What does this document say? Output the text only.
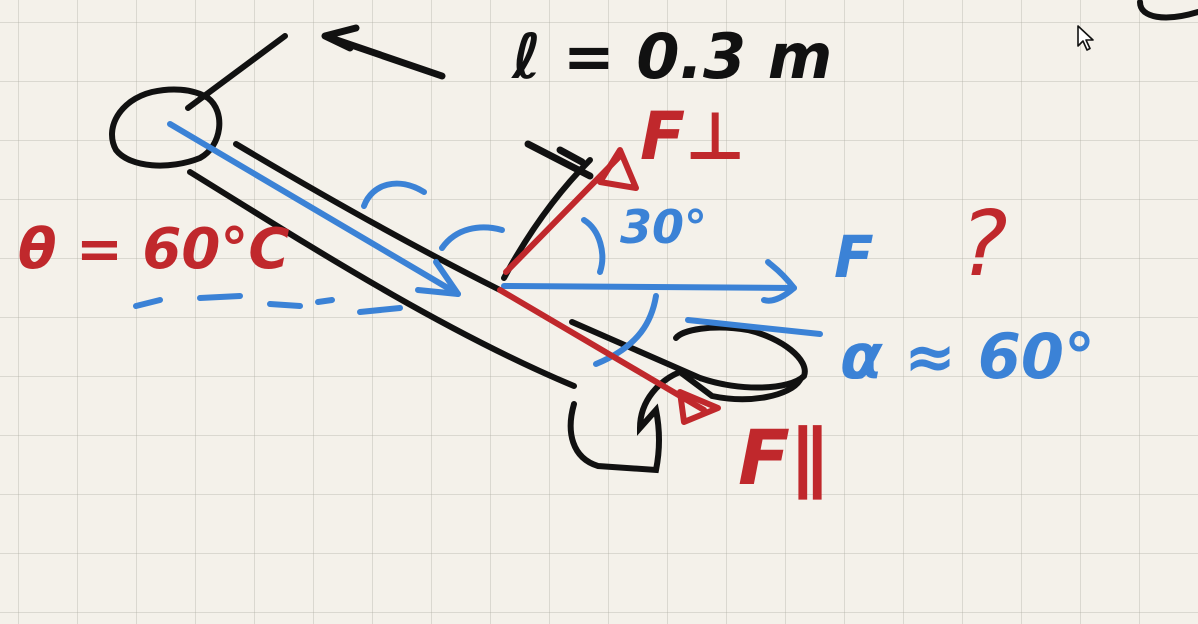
ℓ = 0.3 m
θ = 60°C	30° F ?
α ≈ 60°
F⊥
F∥
